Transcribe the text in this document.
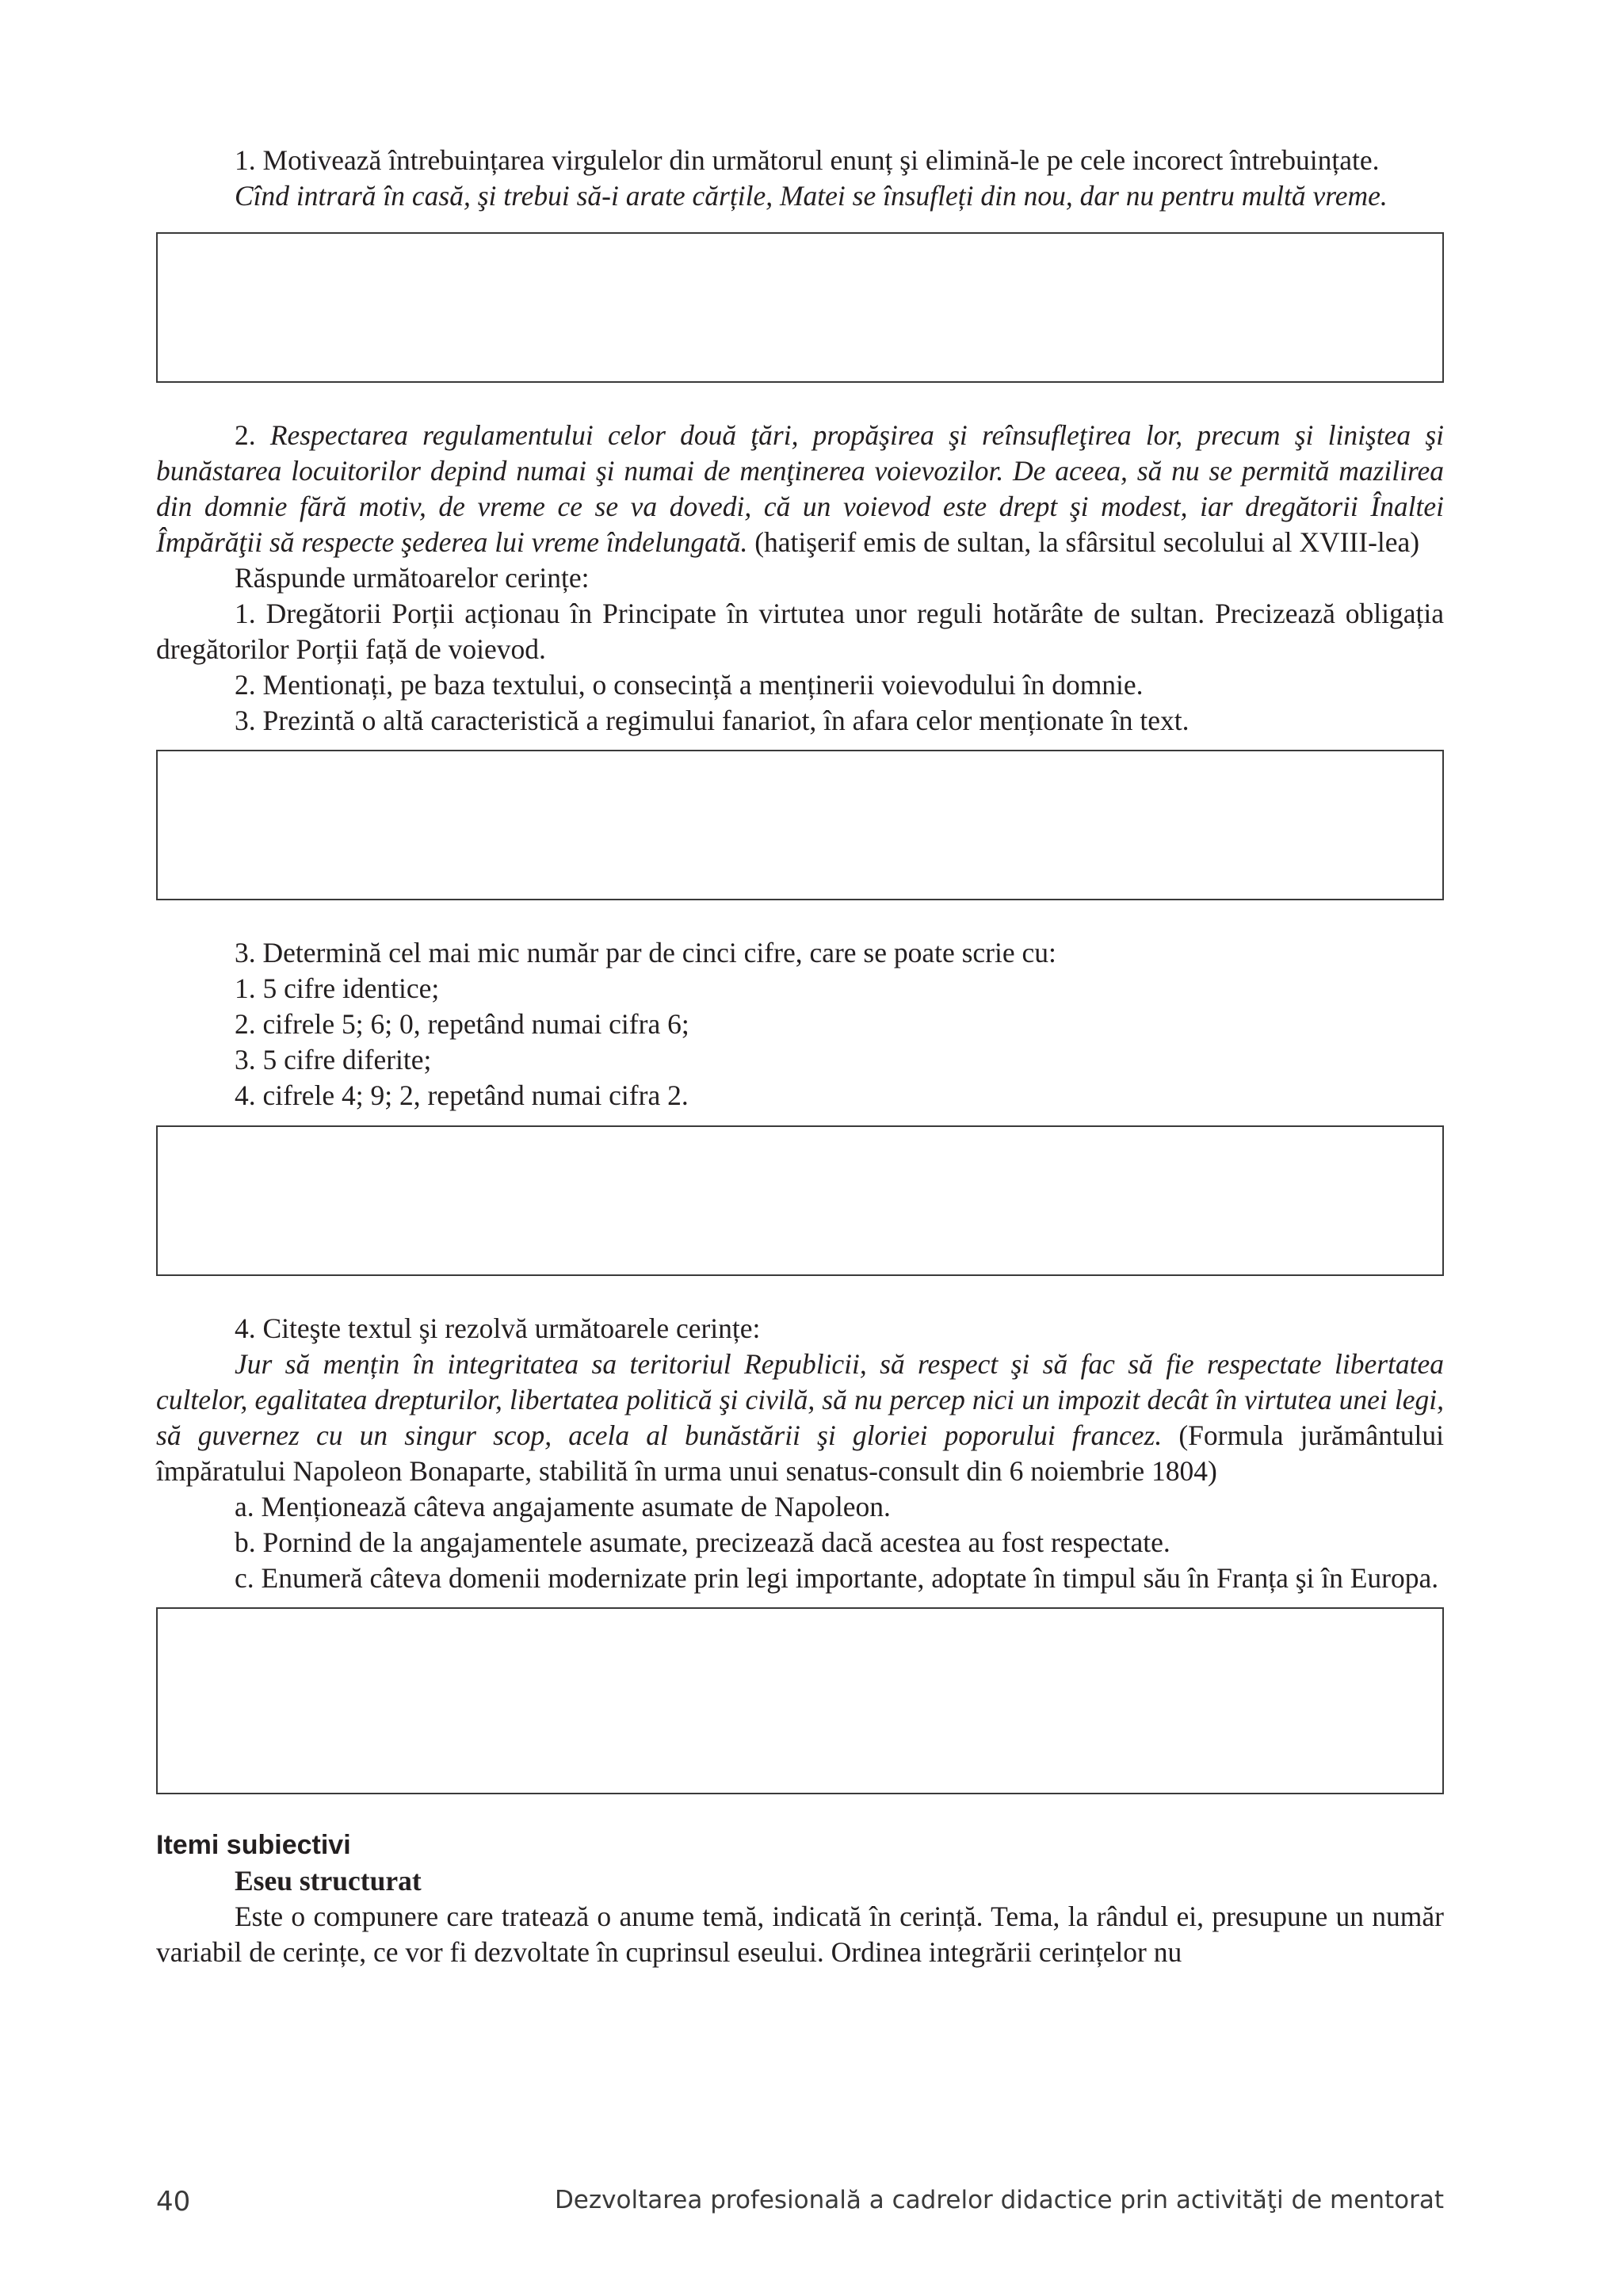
1. Motivează întrebuințarea virgulelor din următorul enunț şi elimină-le pe cele incorect întrebuințate.

Cînd intrară în casă, şi trebui să-i arate cărțile, Matei se însufleți din nou, dar nu pentru multă vreme.

2. Respectarea regulamentului celor două ţări, propăşirea şi reînsufleţirea lor, precum şi liniştea şi bunăstarea locuitorilor depind numai şi numai de menţinerea voievozilor. De aceea, să nu se permită mazilirea din domnie fără motiv, de vreme ce se va dovedi, că un voievod este drept şi modest, iar dregătorii Înaltei Împărăţii să respecte şederea lui vreme îndelungată. (hatişerif emis de sultan, la sfârsitul secolului al XVIII-lea)

Răspunde următoarelor cerințe:

1. Dregătorii Porții acționau în Principate în virtutea unor reguli hotărâte de sultan. Precizează obligația dregătorilor Porții față de voievod.

2. Mentionați, pe baza textului, o consecință a menținerii voievodului în domnie.

3. Prezintă o altă caracteristică a regimului fanariot, în afara celor menționate în text.

3. Determină cel mai mic număr par de cinci cifre, care se poate scrie cu:

1. 5 cifre identice;

2. cifrele 5; 6; 0, repetând numai cifra 6;

3. 5 cifre diferite;

4. cifrele 4; 9; 2, repetând numai cifra 2.

4. Citeşte textul şi rezolvă următoarele cerințe:

Jur să mențin în integritatea sa teritoriul Republicii, să respect şi să fac să fie respectate libertatea cultelor, egalitatea drepturilor, libertatea politică şi civilă, să nu percep nici un impozit decât în virtutea unei legi, să guvernez cu un singur scop, acela al bunăstării şi gloriei poporului francez. (Formula jurământului împăratului Napoleon Bonaparte, stabilită în urma unui senatus-consult din 6 noiembrie 1804)

a. Menționează câteva angajamente asumate de Napoleon.

b. Pornind de la angajamentele asumate, precizează dacă acestea au fost respectate.

c. Enumeră câteva domenii modernizate prin legi importante, adoptate în timpul său în Franța şi în Europa.

Itemi subiectivi

Eseu structurat

Este o compunere care tratează o anume temă, indicată în cerință. Tema, la rândul ei, presupune un număr variabil de cerințe, ce vor fi dezvoltate în cuprinsul eseului. Ordinea integrării cerințelor nu

40	Dezvoltarea profesională a cadrelor didactice prin activităţi de mentorat
